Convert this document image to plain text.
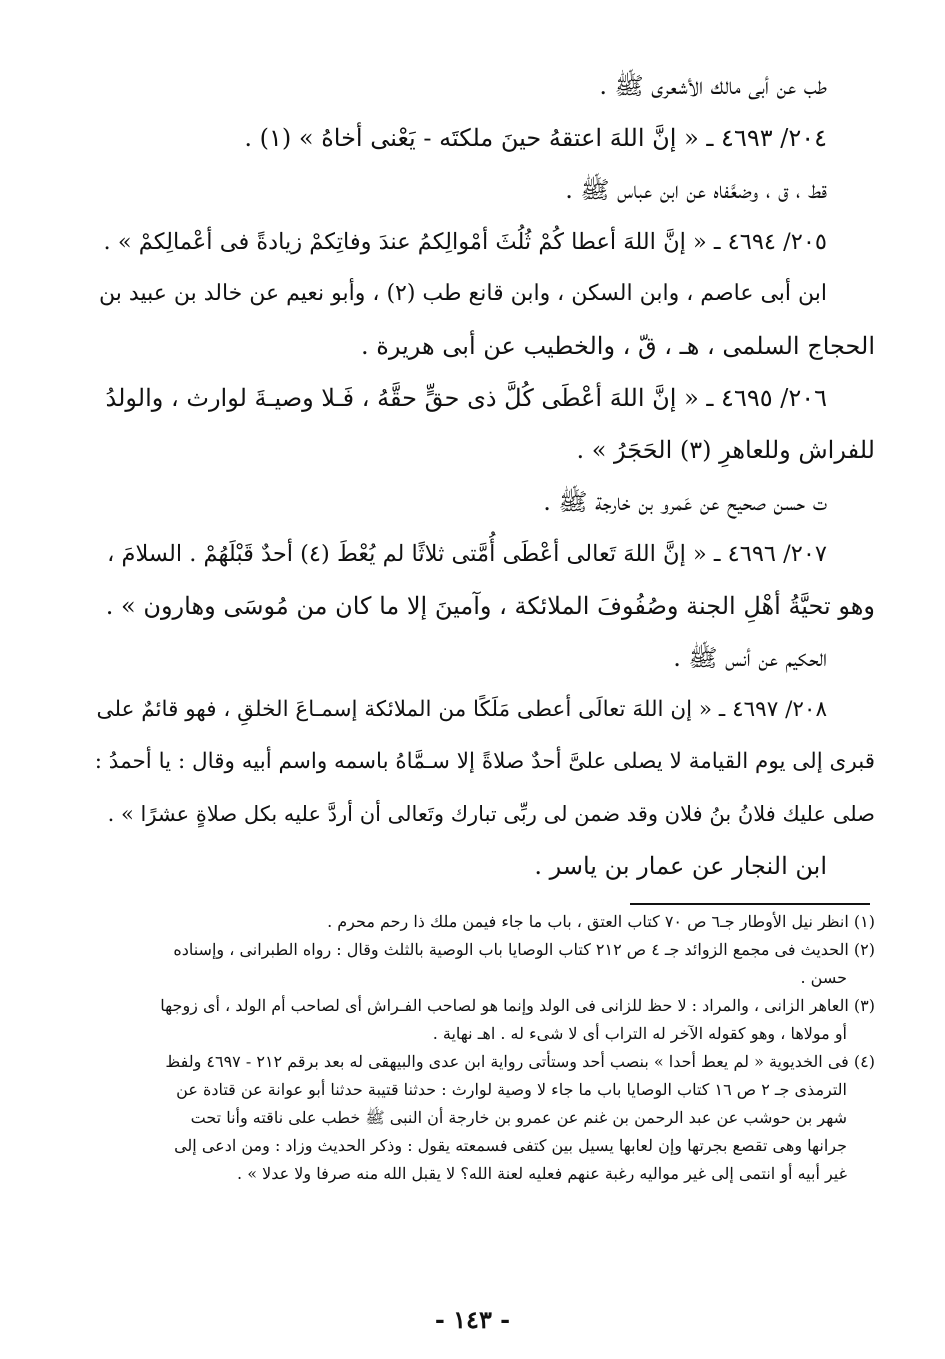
طب عن أبى مالك الأشعرى ﷺ .
٢٠٤/ ٤٦٩٣ ـ « إنَّ اللهَ اعتقهُ حينَ ملكتَه - يَعْنى أخاهُ » (١) .
قط ، ق ، وضعَّفاه عن ابن عباس ﷺ .
٢٠٥/ ٤٦٩٤ ـ « إنَّ اللهَ أعطا كُمْ ثُلُثَ أمْوالِكمُ عندَ وفاتِكمْ زيادةً فى أعْمالِكمْ » .
ابن أبى عاصم ، وابن السكن ، وابن قانع طب (٢) ، وأبو نعيم عن خالد بن عبيد بن
الحجاج السلمى ، هـ ، قّ ، والخطيب عن أبى هريرة .
٢٠٦/ ٤٦٩٥ ـ « إنَّ اللهَ أعْطَى كُلَّ ذى حقٍّ حقَّهُ ، فَـلا وصيـةَ لوارث ، والولدُ
للفراش وللعاهرِ (٣) الحَجَرُ » .
ت حسن صحيح عن عَمرو بن خارجة ﷺ .
٢٠٧/ ٤٦٩٦ ـ « إنَّ اللهَ تَعالى أعْطَى أُمَّتى ثلاثًا لم يُعْطَ (٤) أحدٌ قَبْلَهُمْ . السلامَ ،
وهو تحيَّةُ أهْلِ الجنة وصُفُوفَ الملائكة ، وآمينَ إلا ما كان من مُوسَى وهارون » .
الحكيم عن أنس ﷺ .
٢٠٨/ ٤٦٩٧ ـ « إن اللهَ تعالَى أعطى مَلَكًا من الملائكة إسمـاعَ الخلقِ ، فهو قائمٌ على
قبرى إلى يوم القيامة لا يصلى علىَّ أحدٌ صلاةً إلا سـمَّاهُ باسمه واسم أبيه وقال : يا أحمدُ :
صلى عليك فلانُ بنُ فلان وقد ضمن لى ربِّى تبارك وتَعالى أن أردَّ عليه بكل صلاةٍ عشرًا » .
ابن النجار عن عمار بن ياسر .
(١) انظر نيل الأوطار جـ٦ ص ٧٠ كتاب العتق ، باب ما جاء فيمن ملك ذا رحم محرم .
(٢) الحديث فى مجمع الزوائد جـ ٤ ص ٢١٢ كتاب الوصايا باب الوصية بالثلث وقال : رواه الطبرانى ، وإسناده
حسن .
(٣) العاهر الزانى ، والمراد : لا حظ للزانى فى الولد وإنما هو لصاحب الفـراش أى لصاحب أم الولد ، أى زوجها
أو مولاها ، وهو كقوله الآخر له التراب أى لا شىء له . اهـ نهاية .
(٤) فى الخديوية « لم يعط أحدا » بنصب أحد وستأتى رواية ابن عدى والبيهقى له بعد برقم ٢١٢ - ٤٦٩٧ ولفظ
الترمذى جـ ٢ ص ١٦ كتاب الوصايا باب ما جاء لا وصية لوارث : حدثنا قتيبة حدثنا أبو عوانة عن قتادة عن
شهر بن حوشب عن عبد الرحمن بن غنم عن عمرو بن خارجة أن النبى ﷺ خطب على ناقته وأنا تحت
جرانها وهى تقصع بجرتها وإن لعابها يسيل بين كتفى فسمعته يقول : وذكر الحديث وزاد : ومن ادعى إلى
غير أبيه أو انتمى إلى غير مواليه رغبة عنهم فعليه لعنة الله؟ لا يقبل الله منه صرفا ولا عدلا » .
- ١٤٣ -
